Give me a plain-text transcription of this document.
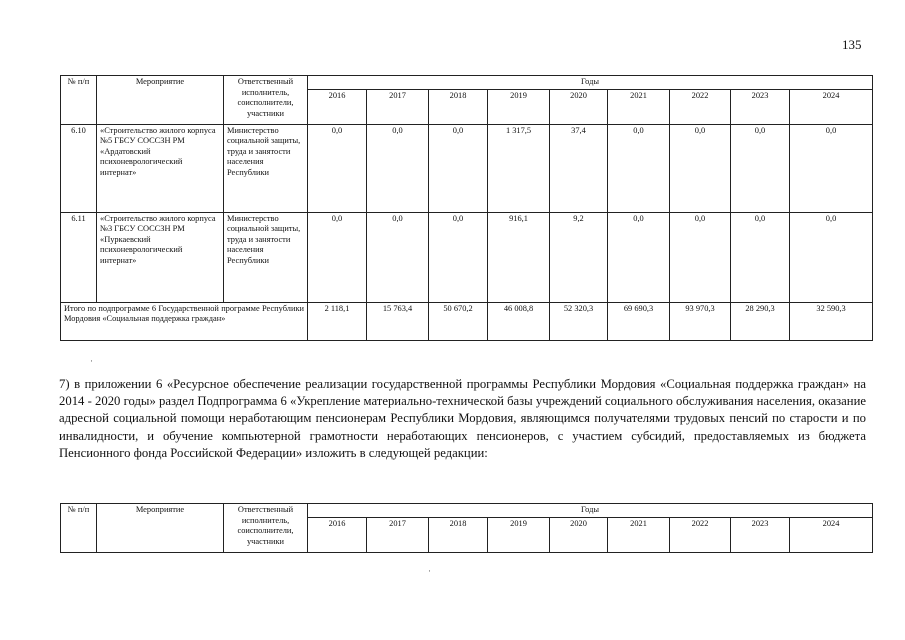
135
№ п/п	Мероприятие	Ответственный исполнитель, соисполнители, участники	Годы								
			2016	2017	2018	2019	2020	2021	2022	2023	2024
6.10	«Строительство жилого корпуса №5 ГБСУ СОССЗН РМ «Ардатовский психоневрологический интернат»	Министерство социальной защиты, труда и занятости населения Республики	0,0	0,0	0,0	1 317,5	37,4	0,0	0,0	0,0	0,0
6.11	«Строительство жилого корпуса №3 ГБСУ СОССЗН РМ «Пуркаевский психоневрологический интернат»	Министерство социальной защиты, труда и занятости населения Республики	0,0	0,0	0,0	916,1	9,2	0,0	0,0	0,0	0,0
Итого по подпрограмме 6 Государственной программе Республики Мордовия «Социальная поддержка граждан»			2 118,1	15 763,4	50 670,2	46 008,8	52 320,3	69 690,3	93 970,3	28 290,3	32 590,3
·
7) в приложении 6 «Ресурсное обеспечение реализации государственной программы Республики Мордовия «Социальная поддержка граждан» на 2014 - 2020 годы» раздел Подпрограмма 6 «Укрепление материально-технической базы учреждений социального обслуживания населения, оказание адресной социальной помощи неработающим пенсионерам Республики Мордовия, являющимся получателями трудовых пенсий по старости и по инвалидности, и обучение компьютерной грамотности неработающих пенсионеров, с участием субсидий, предоставляемых из бюджета Пенсионного фонда Российской Федерации» изложить в следующей редакции:
№ п/п	Мероприятие	Ответственный исполнитель, соисполнители, участники	Годы								
			2016	2017	2018	2019	2020	2021	2022	2023	2024
·
